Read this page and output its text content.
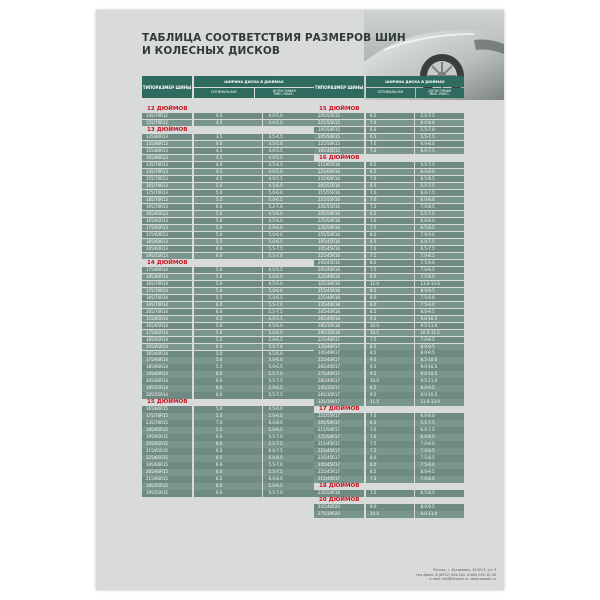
ТАБЛИЦА СООТВЕТСТВИЯ РАЗМЕРОВ ШИН
И КОЛЕСНЫХ ДИСКОВ
ТИПОРАЗМЕР ШИНЫ
ШИРИНА ДИСКА В ДЮЙМАХ
ОПТИМАЛЬНАЯ	ДОПУСТИМАЯ
МИН.-МАКС.
12 ДЮЙМОВ
145/70R12	4.5	4.0-5.0
155/70R12	4.5	4.0-5.0
13 ДЮЙМОВ
135/80R13	3.5	3.5-4.5
145/80R13	4.0	3.5-5.0
155/80R13	4.5	4.0-5.5
165/80R13	4.5	4.0-5.5
135/70R13	4.0	3.5-4.5
145/70R13	4.5	4.0-5.0
155/70R13	4.5	4.0-5.5
165/70R13	5.0	4.5-6.0
175/70R13	5.0	5.0-6.0
185/70R13	5.5	5.0-6.5
195/70R13	6.0	5.2-7.0
165/65R13	5.0	4.5-6.0
165/65R13	5.0	4.5-6.0
175/65R13	5.0	5.0-6.0
175/60R13	5.0	5.0-6.0
185/60R13	5.5	5.0-6.5
205/60R13	6.0	5.5-7.5
195/55R13	6.0	5.5-7.0
14 ДЮЙМОВ
175/80R14	5.0	4.5-5.5
185/80R14	5.0	5.0-6.0
165/70R14	5.0	4.5-6.0
175/70R14	5.0	5.0-6.0
185/70R14	5.5	5.0-6.5
195/70R14	6.0	5.5-7.0
205/70R14	6.0	5.5-7.5
155/65R14	4.5	4.0-5.5
165/65R14	5.0	4.5-6.0
175/65R14	5.0	5.0-6.0
185/65R14	5.5	5.0-6.5
195/65R14	6.0	5.5-7.0
165/60R14	5.0	4.5-6.0
175/60R14	5.0	5.0-6.0
185/60R14	5.5	5.0-6.5
195/60R14	6.0	5.5-7.0
205/60R14	6.0	5.5-7.5
185/55R14	6.0	5.0-6.5
205/55R14	6.0	5.5-7.5
15 ДЮЙМОВ
165/80R15	5.0	4.5-6.0
175/70R15	5.0	5.0-6.0
235/70R15	7.0	6.0-8.0
185/65R15	5.5	5.0-6.5
195/65R15	6.0	5.5-7.0
205/65R15	6.0	5.5-7.5
215/65R15	6.5	6.0-7.5
225/65R15	6.5	6.0-8.0
195/60R15	6.0	5.5-7.0
205/60R15	6.0	5.5-7.5
215/60R15	6.5	6.0-8.0
185/55R15	6.0	5.0-6.5
195/55R15	6.0	5.5-7.0
ТИПОРАЗМЕР ШИНЫ
ШИРИНА ДИСКА В ДЮЙМАХ
ОПТИМАЛЬНАЯ	ДОПУСТИМАЯ
МИН.-МАКС.
15 ДЮЙМОВ
205/55R15	6.5	5.5-7.5
225/55R15	7.0	6.0-8.0
195/50R15	6.0	5.5-7.0
205/50R15	6.5	5.5-7.5
225/50R15	7.0	6.0-8.0
195/45R15	7.0	6.0-7.5
16 ДЮЙМОВ
215/65R16	6.5	5.5-7.5
225/60R16	6.5	6.0-8.0
235/60R16	7.0	6.5-8.5
205/55R16	6.5	5.5-7.5
215/55R16	7.0	6.0-7.5
225/55R16	7.0	6.0-8.0
245/55R16	7.5	7.0-8.5
205/50R16	6.5	5.5-7.5
225/50R16	7.0	6.0-8.0
235/50R16	7.5	6.5-8.5
255/50R16	8.0	7.0-9.0
195/45R16	6.5	6.0-7.5
205/45R16	7.0	6.5-7.5
225/45R16	7.5	7.0-8.5
245/45R16	8.0	7.5-9.0
205/40R16	7.5	7.0-8.5
225/40R16	6.0	7.5-9.0
325/30R16	12.0	11.0-13.0
255/45R18	8.5	8.0-9.5
225/40R18	8.0	7.5-9.0
235/40R18	8.0	7.5-9.0
245/40R18	8.5	8.0-9.5
265/40R18	9.5	9.0-10.5
285/35R18	10.0	9.5-11.0
295/35R18	10.5	10.0-11.5
225/40R17	7.5	7.0-8.5
235/40R17	8.5	8.0-9.5
245/40R17	8.5	8.0-9.5
255/40R17	9.0	8.5-10.0
265/40R17	9.5	9.0-10.5
275/40R17	9.5	9.0-10.5
285/40R17	10.0	9.5-11.0
245/35R17	8.5	8.0-9.5
265/35R17	9.5	9.0-10.5
335/35R17	11.5	11.0-13.0
17 ДЮЙМОВ
225/55R17	7.0	6.0-8.0
205/50R17	6.5	5.5-7.5
215/50R17	7.0	6.0-7.5
225/50R17	7.0	6.0-8.0
215/45R17	7.5	7.0-8.0
225/45R17	7.5	7.0-8.5
235/45R17	8.0	7.5-8.5
245/45R17	8.0	7.5-9.0
255/45R17	8.5	8.0-9.5
215/40R17	7.5	7.0-8.0
18 ДЮЙМОВ
235/50R18	7.5	6.5-8.5
20 ДЮЙМОВ
245/40R20	9.0	8.0-9.5
275/30R20	10.0	9.0-11.0
Россия, г. Астрахань, 414013, ул. 3
тел./факс: 8 (8512) 404-162, 8-800-555-10-30
e-mail: info@rossshi.ru, www.rossshi.ru
